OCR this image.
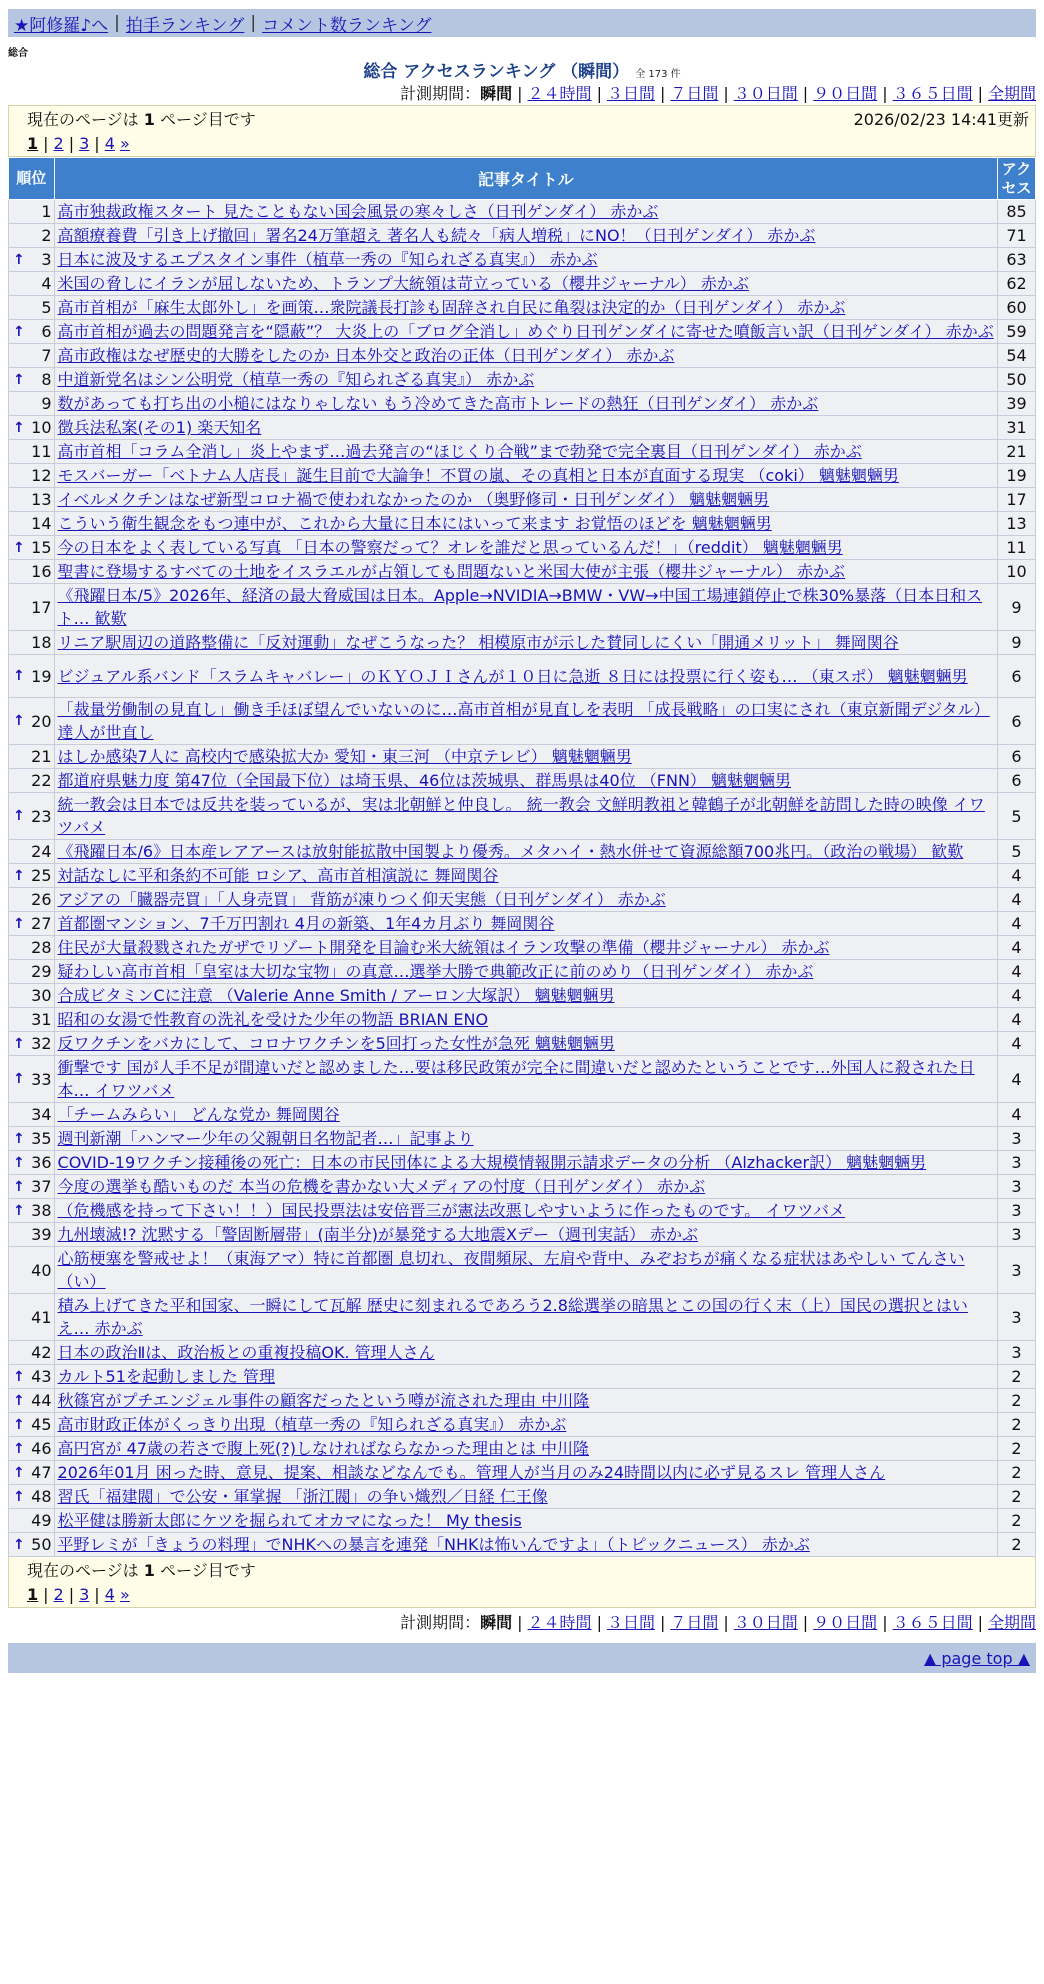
★阿修羅♪へ | 拍手ランキング | コメント数ランキング
総合
総合 アクセスランキング （瞬間） 全 173 件
計測期間：瞬間 | ２４時間 | ３日間 | ７日間 | ３０日間 | ９０日間 | ３６５日間 | 全期間
現在のページは 1 ページ目です	2026/02/23 14:41更新
1 | 2 | 3 | 4 »
順位	記事タイトル	アクセス
1	高市独裁政権スタート 見たこともない国会風景の寒々しさ（日刊ゲンダイ） 赤かぶ	85
2	高額療養費「引き上げ撤回」署名24万筆超え 著名人も続々「病人増税」にNO！（日刊ゲンダイ） 赤かぶ	71

↑ 3	日本に波及するエプスタイン事件（植草一秀の『知られざる真実』） 赤かぶ	63
4	米国の脅しにイランが屈しないため、トランプ大統領は苛立っている（櫻井ジャーナル） 赤かぶ	62
5	高市首相が「麻生太郎外し」を画策…衆院議長打診も固辞され自民に亀裂は決定的か（日刊ゲンダイ） 赤かぶ	60

↑ 6	高市首相が過去の問題発言を“隠蔽”？ 大炎上の「ブログ全消し」めぐり日刊ゲンダイに寄せた噴飯言い訳（日刊ゲンダイ） 赤かぶ	59
7	高市政権はなぜ歴史的大勝をしたのか 日本外交と政治の正体（日刊ゲンダイ） 赤かぶ	54

↑ 8	中道新党名はシン公明党（植草一秀の『知られざる真実』） 赤かぶ	50
9	数があっても打ち出の小槌にはなりゃしない もう冷めてきた高市トレードの熱狂（日刊ゲンダイ） 赤かぶ	39

↑ 10	徴兵法私案(その1) 楽天知名	31
11	高市首相「コラム全消し」炎上やまず…過去発言の“ほじくり合戦”まで勃発で完全裏目（日刊ゲンダイ） 赤かぶ	21
12	モスバーガー「ベトナム人店長」誕生目前で大論争！不買の嵐、その真相と日本が直面する現実 （coki） 魑魅魍魎男	19
13	イベルメクチンはなぜ新型コロナ禍で使われなかったのか （奥野修司・日刊ゲンダイ） 魑魅魍魎男	17
14	こういう衛生観念をもつ連中が、これから大量に日本にはいって来ます お覚悟のほどを 魑魅魍魎男	13

↑ 15	今の日本をよく表している写真 「日本の警察だって？オレを誰だと思っているんだ！」（reddit） 魑魅魍魎男	11
16	聖書に登場するすべての土地をイスラエルが占領しても問題ないと米国大使が主張（櫻井ジャーナル） 赤かぶ	10
17	《飛躍日本/5》2026年、経済の最大脅威国は日本。Apple→NVIDIA→BMW・VW→中国工場連鎖停止で株30%暴落（日本日和スト… 歓歎	9
18	リニア駅周辺の道路整備に「反対運動」なぜこうなった？ 相模原市が示した賛同しにくい「開通メリット」 舞岡関谷	9

↑ 19	ビジュアル系バンド「スラムキャバレー」のＫＹＯＪＩさんが１０日に急逝 ８日には投票に行く姿も… （東スポ） 魑魅魍魎男	6

↑ 20	「裁量労働制の見直し」働き手ほぼ望んでいないのに…高市首相が見直しを表明 「成長戦略」の口実にされ（東京新聞デジタル） 達人が世直し	6
21	はしか感染7人に 高校内で感染拡大か 愛知・東三河 （中京テレビ） 魑魅魍魎男	6
22	都道府県魅力度 第47位（全国最下位）は埼玉県、46位は茨城県、群馬県は40位 （FNN） 魑魅魍魎男	6

↑ 23	統一教会は日本では反共を装っているが、実は北朝鮮と仲良し。 統一教会 文鮮明教祖と韓鶴子が北朝鮮を訪問した時の映像 イワツバメ	5
24	《飛躍日本/6》日本産レアアースは放射能拡散中国製より優秀。メタハイ・熱水併せて資源総額700兆円。（政治の戦場） 歓歎	5

↑ 25	対話なしに平和条約不可能 ロシア、高市首相演説に 舞岡関谷	4
26	アジアの「臓器売買」「人身売買」 背筋が凍りつく仰天実態（日刊ゲンダイ） 赤かぶ	4

↑ 27	首都圏マンション、7千万円割れ 4月の新築、1年4カ月ぶり 舞岡関谷	4
28	住民が大量殺戮されたガザでリゾート開発を目論む米大統領はイラン攻撃の準備（櫻井ジャーナル） 赤かぶ	4
29	疑わしい高市首相「皇室は大切な宝物」の真意…選挙大勝で典範改正に前のめり（日刊ゲンダイ） 赤かぶ	4
30	合成ビタミンCに注意 （Valerie Anne Smith / アーロン大塚訳） 魑魅魍魎男	4
31	昭和の女湯で性教育の洗礼を受けた少年の物語 BRIAN ENO	4

↑ 32	反ワクチンをバカにして、コロナワクチンを5回打った女性が急死 魑魅魍魎男	4

↑ 33	衝撃です 国が人手不足が間違いだと認めました…要は移民政策が完全に間違いだと認めたということです…外国人に殺された日本… イワツバメ	4
34	「チームみらい」 どんな党か 舞岡関谷	4

↑ 35	週刊新潮「ハンマー少年の父親朝日名物記者…」記事より	3

↑ 36	COVID-19ワクチン接種後の死亡：日本の市民団体による大規模情報開示請求データの分析 （Alzhacker訳） 魑魅魍魎男	3

↑ 37	今度の選挙も酷いものだ 本当の危機を書かない大メディアの忖度（日刊ゲンダイ） 赤かぶ	3

↑ 38	（危機感を持って下さい！！）国民投票法は安倍晋三が憲法改悪しやすいように作ったものです。 イワツバメ	3
39	九州壊滅!? 沈黙する「警固断層帯」(南半分)が暴発する大地震Xデー（週刊実話） 赤かぶ	3
40	心筋梗塞を警戒せよ！（東海アマ）特に首都圏 息切れ、夜間頻尿、左肩や背中、みぞおちが痛くなる症状はあやしい てんさい（い）	3
41	積み上げてきた平和国家、一瞬にして瓦解 歴史に刻まれるであろう2.8総選挙の暗黒とこの国の行く末（上）国民の選択とはいえ… 赤かぶ	3
42	日本の政治Ⅱは、政治板との重複投稿OK. 管理人さん	3

↑ 43	カルト51を起動しました 管理	2

↑ 44	秋篠宮がプチエンジェル事件の顧客だったという噂が流された理由 中川隆	2

↑ 45	高市財政正体がくっきり出現（植草一秀の『知られざる真実』） 赤かぶ	2

↑ 46	高円宮が 47歳の若さで腹上死(?)しなければならなかった理由とは 中川隆	2

↑ 47	2026年01月 困った時、意見、提案、相談などなんでも。管理人が当月のみ24時間以内に必ず見るスレ 管理人さん	2

↑ 48	習氏「福建閥」で公安・軍掌握 「浙江閥」の争い熾烈／日経 仁王像	2
49	松平健は勝新太郎にケツを掘られてオカマになった！ My thesis	2

↑ 50	平野レミが「きょうの料理」でNHKへの暴言を連発「NHKは怖いんですよ」（トピックニュース） 赤かぶ	2
現在のページは 1 ページ目です
1 | 2 | 3 | 4 »
計測期間：瞬間 | ２４時間 | ３日間 | ７日間 | ３０日間 | ９０日間 | ３６５日間 | 全期間
▲ page top ▲
